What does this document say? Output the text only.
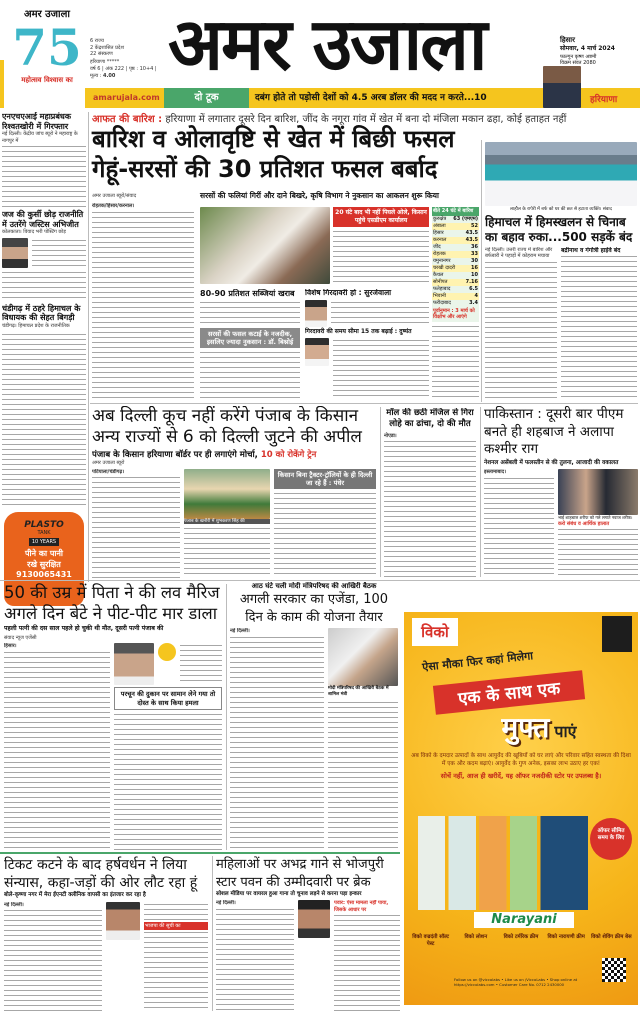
अमर उजाला
75
महोत्सव विश्वास का
6 राज्य
2 केंद्रशासित प्रदेश
22 संस्करण
हरियाणा *****
वर्ष 6 | अंक 222 | पृष्ठ : 10+4 | मूल्य : 4.00 अमर उजाला	हिसार
सोमवार, 4 मार्च 2024
फाल्गुन कृष्ण अष्टमी
विक्रम संवत 2080
amarujala.com	दो टूक	दबंग होते तो पड़ोसी देशों को 4.5 अरब डॉलर की मदद न करते...10	हरियाणा
एनएचएआई महाप्रबंधक रिश्वतखोरी में गिरफ्तार
नई दिल्ली। केंद्रीय जांच ब्यूरो ने महाराष्ट्र के नागपुर में
जज की कुर्सी छोड़ राजनीति में उतरेंगे जस्टिस अभिजीत
कोलकाता। विवाद भरी पोस्टिंग छोड़
चंडीगढ़ में ठहरे हिमाचल के विधायक की सेहत बिगड़ी
चंडीगढ़। हिमाचल प्रदेश के राजनीतिक
PLASTO
TANK
10 YEARS
पीने का पानी
रखे सुरक्षित
9130065431
आफत की बारिश : हरियाणा में लगातार दूसरे दिन बारिश, जींद के नगूरा गांव में खेत में बना दो मंजिला मकान ढहा, कोई हताहत नहीं
बारिश व ओलावृष्टि से खेत में बिछी फसल
गेहूं-सरसों की 30 प्रतिशत फसल बर्बाद
अमर उजाला ब्यूरो/संवाद	सरसों की फलियां गिरीं और दाने बिखरे, कृषि विभाग ने नुकसान का आकलन शुरू किया
रोहतक/हिसार/करनाल।
20 घंटे बाद भी नहीं पिघले ओले, किसान पहुंचे एसडीएम कार्यालय
बीते 24 घंटे में बारिश
कुरुक्षेत्र 63 (एमएम)
अंबाला	52
हिसार	43.5
करनाल	43.5
जींद	36
रोहतक	33
यमुनानगर	30
चरखी दादरी	16
कैथल	10
सोनीपत	7.16
फतेहाबाद	6.5
भिवानी	4
फरीदाबाद	3.4
पूर्वानुमान : 3 मार्च को विक्षोभ और आएंगे
80-90 प्रतिशत सब्जियां खराब
सरसों की फसल कटाई के नजदीक, इसलिए ज्यादा नुकसान : डॉ. बिश्नोई
विशेष गिरदावरी हो : सुरजेवाला
गिरदावरी की समय सीमा 15 तक बढ़ाई : दुष्यंत
लाहौल के रापेरी में बर्फ को घर की छत से हटाता व्यक्ति। संवाद
हिमाचल में हिमस्खलन से चिनाब का बहाव रुका...500 सड़कें बंद
नई दिल्ली। उत्तरी राज्य में बारिश और बर्फबारी ने पहाड़ों में कोहराम मचाया
बद्रीनाथ व गंगोत्री हाईवे बंद
अब दिल्ली कूच नहीं करेंगे पंजाब के किसान
अन्य राज्यों से 6 को दिल्ली जुटने की अपील
पंजाब के किसान हरियाणा बॉर्डर पर ही लगाएंगे मोर्चा, 10 को रोकेंगे ट्रेन
अमर उजाला ब्यूरो
पटियाला/चंडीगढ़।
पंजाब के खनौरी में शुभकरण सिंह की
किसान बिना ट्रैक्टर-ट्रॉलियों के ही दिल्ली जा रहे हैं : पंधेर
मॉल की छठी मंजिल से गिरा लोहे का ढांचा, दो की मौत
नोएडा।
पाकिस्तान : दूसरी बार पीएम बनते ही शहबाज ने अलापा कश्मीर राग
नेशनल असेंबली में फलस्तीन से की तुलना, आजादी की वकालत
इस्लामाबाद।
भाई शाहबाज शरीफ को गले लगाते नवाज शरीफ।
करो संबंध व आर्थिक हालात
50 की उम्र में पिता ने की लव मैरिज अगले दिन बेटे ने पीट-पीट मार डाला
पहली पत्नी की दस साल पहले हो चुकी थी मौत, दूसरी पत्नी पंजाब की
संवाद न्यूज एजेंसी
हिसार।
परचून की दुकान पर सामान लेने गया तो दोस्त के साथ किया हमला
आठ घंटे चली मोदी मंत्रिपरिषद की आखिरी बैठक
अगली सरकार का एजेंडा, 100 दिन के काम की योजना तैयार
नई दिल्ली।
मोदी मंत्रिपरिषद की आखिरी बैठक में शामिल मंत्री
विको
ऐसा मौका फिर कहां मिलेगा
एक के साथ एक
मुफ्त पाएं
अब विको के दमदार उत्पादों के साथ आयुर्वेद की खूबियों को घर लाएं और परिवार सहित स्वस्थता की दिशा में एक और कदम बढ़ाएं। आयुर्वेद के गुण अनेक, इसका लाभ उठाए हर एक!
सोचें नहीं, आज ही खरीदें, यह ऑफर नजदीकी स्टोर पर उपलब्ध है।
ऑफर सीमित समय के लिए
Narayani
विको वज्रदंती सॉल्ट पेस्ट
विको लोशन	विको टर्मरिक क्रीम	विको नारायणी क्रीम	विको शेविंग क्रीम बेस
Follow us on @viccolabs • Like us on /ViccoLabs • Shop online at https://viccolabs.com • Customer Care No. 0712 2430000
टिकट कटने के बाद हर्षवर्धन ने लिया संन्यास, कहा-जड़ों की ओर लौट रहा हूं
बोले-कृष्णा नगर में मेरा ईएनटी क्लीनिक वापसी का इंतजार कर रहा है
नई दिल्ली।
भाजपा की सूची का
महिलाओं पर अभद्र गाने से भोजपुरी स्टार पवन की उम्मीदवारी पर ब्रेक
सोशल मीडिया पर वायरल हुआ गाना तो चुनाव लड़ने से करना पड़ा इन्कार
नई दिल्ली।	पवार: ऐसा मामला नहीं पाया, जिसके आधार पर
